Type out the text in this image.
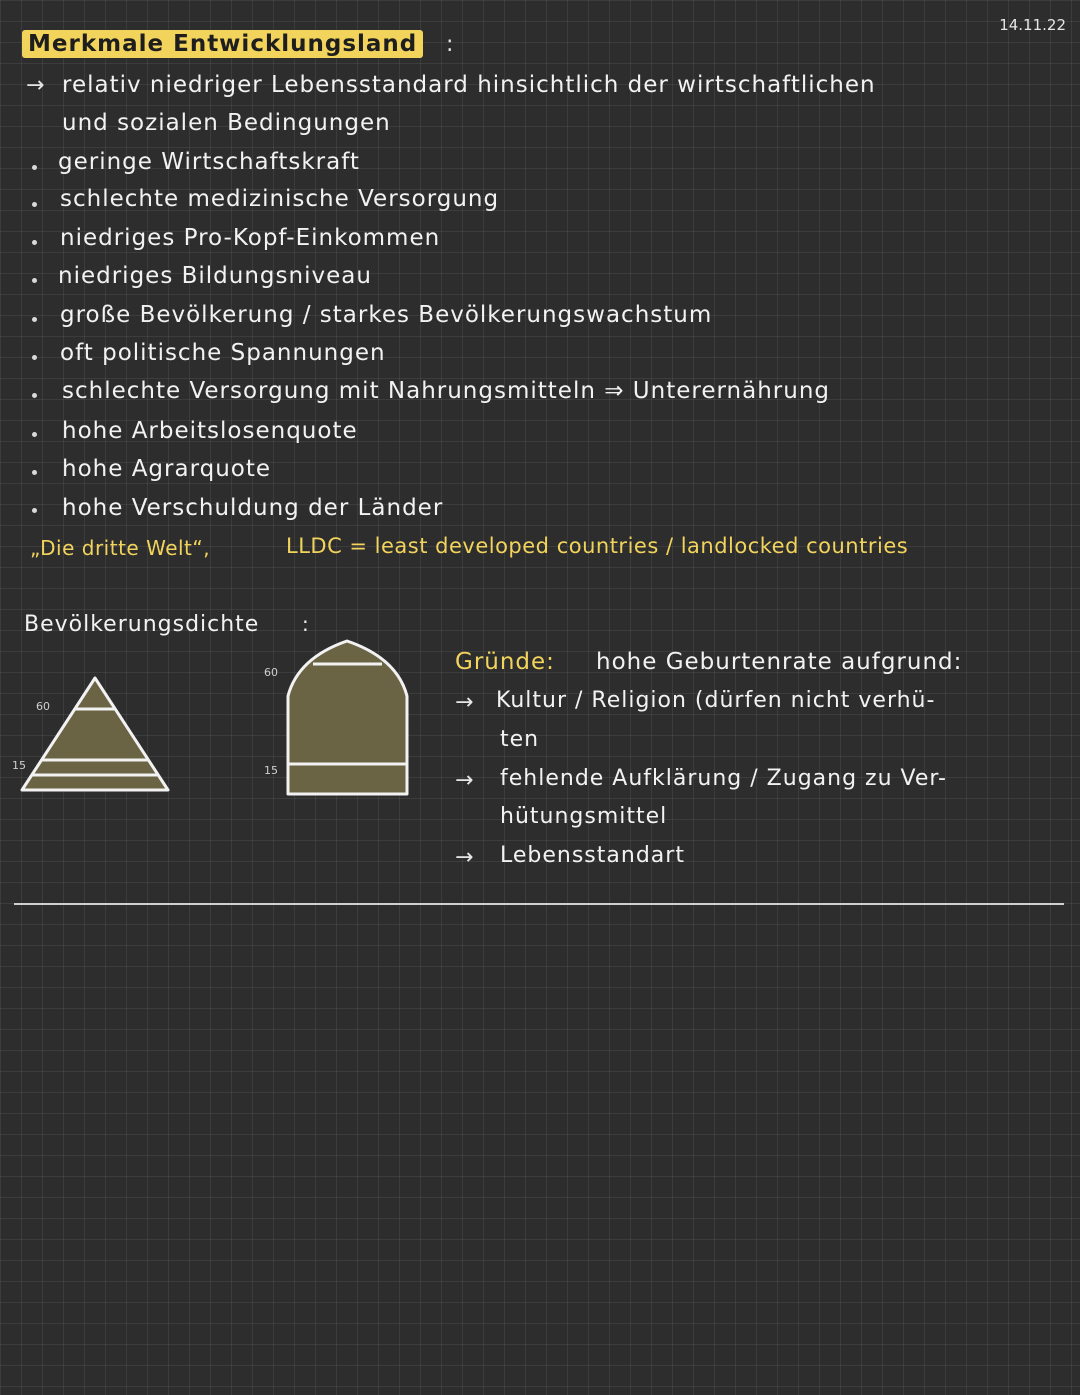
14.11.22
Merkmale Entwicklungsland :
→ relativ niedriger Lebensstandard hinsichtlich der wirtschaftlichen
und sozialen Bedingungen
geringe Wirtschaftskraft
schlechte medizinische Versorgung
niedriges Pro-Kopf-Einkommen
niedriges Bildungsniveau
große Bevölkerung / starkes Bevölkerungswachstum
oft politische Spannungen
schlechte Versorgung mit Nahrungsmitteln ⇒ Unterernährung
hohe Arbeitslosenquote
hohe Agrarquote
hohe Verschuldung der Länder
„Die dritte Welt“,	LLDC = least developed countries / landlocked countries
Bevölkerungsdichte :
60
15
60
15
Gründe: hohe Geburtenrate aufgrund:
→ Kultur / Religion (dürfen nicht verhü-
ten
→ fehlende Aufklärung / Zugang zu Ver-
hütungsmittel
→ Lebensstandart
